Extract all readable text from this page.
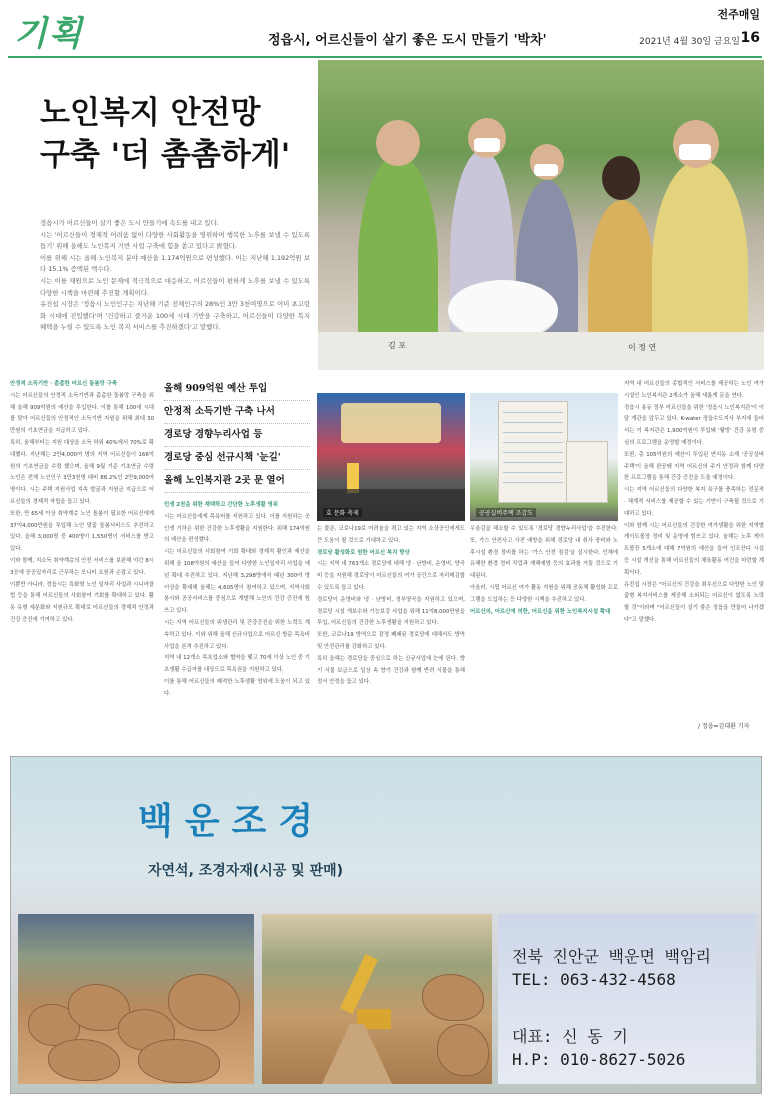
기획	정읍시, 어르신들이 살기 좋은 도시 만들기 '박차'
전주매일
2021년 4월 30일 금요일 16
노인복지 안전망
구축 '더 촘촘하게'

정읍시가 어르신들이 살기 좋은 도시 만들기에 속도를 내고 있다.

시는 '어르신들이 경제적 어려움 없이 다양한 사회활동을 영위하며 행복한 노후를 보낼 수 있도록 돕기' 위해 올해도 노인복지 기반 사업 구축에 힘을 쏟고 있다고 밝혔다.

이를 위해 시는 올해 노인복지 분야 예산을 1,174억원으로 편성했다. 이는 지난해 1,192억원 보다 15.1% 증액된 액수다.

시는 이를 재원으로 노인 문제에 적극적으로 대응하고, 어르신들이 편하게 노후를 보낼 수 있도록 다양한 시책을 마련해 추진할 계획이다.

유진섭 시장은 '정읍시 노인인구는 지난해 기준 전체인구의 28%인 3만 3천여명으로 이미 초고령화 시대에 진입했다'며 '건강하고 즐거운 100세 시대 기반을 구축하고, 어르신들이 다양한 복지 혜택을 누릴 수 있도록 노인 복지 서비스를 추진하겠다'고 말했다.

김 포	이 정 연

안정적 소득기반 · 촘촘한 어르신 돌봄망 구축

시는 어르신들의 안정적 소득기반과 촘촘한 돌봄망 구축을 위해 올해 909억원의 예산을 투입한다. 이를 통해 100세 시대를 맞아 어르신들의 안정적인 소득기반 지원을 위해 최대 30만원의 기초연금을 지급하고 있다.

특히, 올해부터는 지원 대상을 소득 하위 40%에서 70%로 확대했다. 지난해는 2만4,000여 명의 지역 어르신들이 166억원의 기초연금을 수령 했으며, 올해 9월 기준 기초연금 수령 노인은 전체 노인인구 3만3천명 대비 88.2%인 2만9,000여명이다. 시는 주택 지원사업 지속 발굴과 지원금 지급으로 어르신들의 경제적 자립을 돕고 있다.

또한, 만 65세 이상 취약계층 노인 돌봄이 필요한 어르신에게 37억4,000만원을 투입해 노인 맞춤 돌봄서비스도 추진하고 있다. 올해 3,000명 중 400명이 1,550명이 서비스를 받고 있다.

이와 함께, 지소득 취약계층의 안전 서비스를 보완해 야간 8시 3곳에 공공일자리로 근무하는 모니터 요원과 손잡고 있다.

이뿐만 아니라, 정읍시는 특화형 노인 일자리 사업과 시니어클럽 등을 통해 어르신들의 사회참여 기회를 확대하고 있다. 활동 유형 세분화와 지원규모 확대로 어르신들의 경제적 안정과 건강 증진에 기여하고 있다.

올해 909억원 예산 투입
안정적 소득기반 구축 나서
경로당 경향누리사업 등
경로당 중심 선규시책 '눈길'
올해 노인복지관 2곳 문 열어

민생 2천을 위한 재택하고 간단한 노후생활 영위

시는 어르신들에게 목욕비를 지원하고 있다. 이를 지원하는 곳 인생 기하은 위한 건강한 노후생활을 지원한다. 위해 174억원의 예산을 편성했다.

시는 어르신들의 사회참여 기회 확대와 경제적 활인과 예산을 위해 올 108억원의 예산을 들여 다양한 노인일자리 사업을 예년 확대 추진하고 있다. 지난해 3,298명에서 때년 300여 명 이상을 확대해 올해는 4,605명이 참여하고 있으며, 지역사회 봉사와 공공서비스를 중심으로 개발해 노인의 건강 증진에 힘쓰고 있다.

시는 지역 어르신들의 위생관리 및 건강증진을 위한 노력도 계속하고 있다. 이와 위해 올해 신규사업으로 어르신 방문 목욕비 사업을 본격 추진하고 있다.

지역 내 12개소 목욕업소와 협약을 맺고 70세 이상 노인 중 기초생활 수급자를 대상으로 목욕권을 지원하고 있다.

이를 통해 어르신들의 쾌적한 노후생활 영위에 도움이 되고 있다.

효 문화 축제	공공실버주택 조감도

는 물론, 코로나19로 어려움을 겪고 있는 지역 소상공인에게도 큰 도움이 될 것으로 기대하고 있다.

경로당 활성화로 원한 어르신 복지 향상

시는 지역 내 763개소 경로당에 대해 냉 · 난방비, 운영비, 양곡비 등을 지원해 경로당이 어르신들의 여가 공간으로 자리매김할 수 있도록 돕고 있다.

경로당이 운영비와 냉 · 난방비, 정부양곡을 지원하고 있으며, 경로당 시설 개보수와 기능보강 사업을 위해 11억8,000만원을 투입, 어르신들의 건강한 노후생활을 지원하고 있다.

또한, 코로나19 방역으로 잠정 폐쇄된 경로당에 대해서도 방역 및 안전관리를 강화하고 있다.

특히 올해는 경로당을 중심으로 하는 신규사업에 눈에 띈다. 향기 식물 보급으로 일상 속 향기 건강과 함께 반려 식물을 통해 정서 안정을 돕고 있다.

우울감을 해소할 수 있도록 '경로당 경향누리사업'을 추진한다. 또, 가스 안전사고 사전 예방을 위해 경로당 내 취사 장비와 노후시설 환경 정비를 하는 '가스 안전 점검'을 실시한다. 인체에 유해한 환경 정비 작업과 재해예방 등의 효과를 거둘 것으로 기대된다.

아울러, 시립 어르신 여가 활동 지원을 위해 공동체 활성화 프로그램을 도입하는 등 다양한 시책을 추진하고 있다.

어르신의, 어르신에 의한, 어르신을 위한 노인복지시설 확대

지역 내 어르신들의 종합적인 서비스를 제공하는 노인 여가시설인 노인복지관 2개소가 올해 새롭게 문을 연다.

정읍시 용동 정부 어르신들을 위한 '정읍시 노인복지관'이 이달 개관을 앞두고 있다. K-water 정읍수도지사 부지에 들어서는 이 복지관은 1,900억원이 투입돼 '웰빙' 건강 유형 중심의 프로그램을 운영할 예정이다.

또한, 총 105억원의 예산이 투입된 연지동 소재 '공공실버주택'이 올해 완공돼 지역 어르신의 주거 안정과 함께 다양한 프로그램을 통해 건강 증진을 도울 예정이다.

시는 지역 어르신들의 다양한 복지 욕구를 충족하는 전문적 · 체계적 서비스를 제공할 수 있는 기반이 구축될 것으로 기대하고 있다.

이와 함께 시는 어르신들의 건강한 여가생활을 위한 지역별 게이트볼장 정비 및 운영에 힘쓰고 있다. 올해는 노후 게이트볼장 5개소에 대해 7억원의 예산을 들여 인조잔디 시설 등 시설 개선을 통해 어르신들의 체육활동 여건을 마련할 계획이다.

유진섭 시장은 "어르신의 건강을 최우선으로 다양한 노인 맞춤형 복지서비스를 제공해 소외되는 어르신이 없도록 노력할 것"이라며 "어르신들이 살기 좋은 정읍을 만들어 나가겠다"고 말했다.

/ 정읍=김대환 기자
백운조경
자연석, 조경자재(시공 및 판매)
전북 진안군 백운면 백암리
TEL: 063-432-4568
대표: 신 동 기
H.P: 010-8627-5026
